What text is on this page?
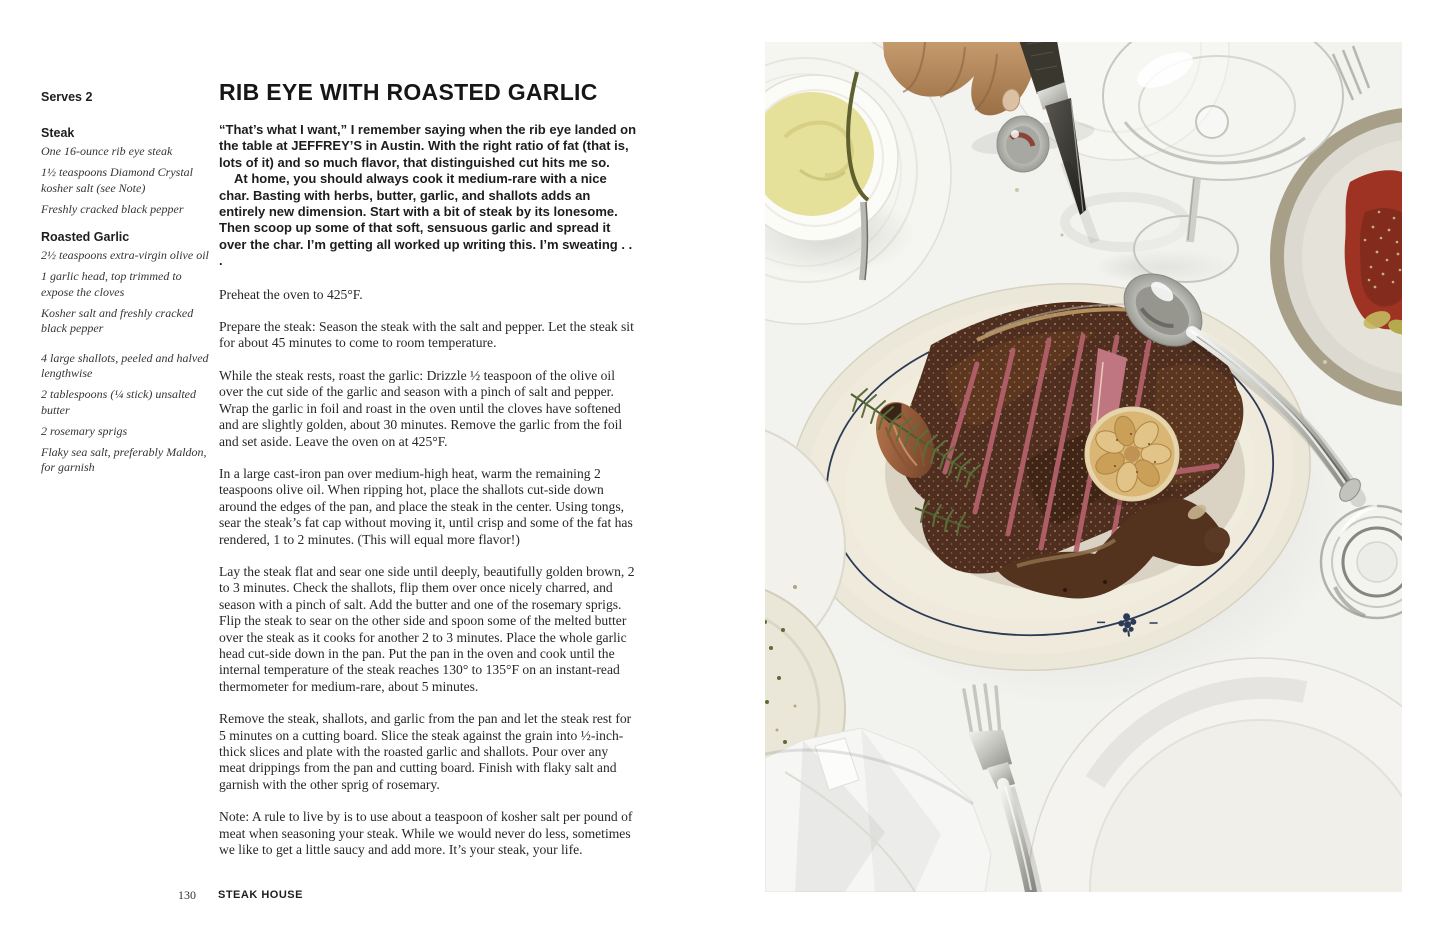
Serves 2

Steak

One 16-ounce rib eye steak

1½ teaspoons Diamond Crystal kosher salt (see Note)

Freshly cracked black pepper

Roasted Garlic

2½ teaspoons extra-virgin olive oil

1 garlic head, top trimmed to expose the cloves

Kosher salt and freshly cracked black pepper

4 large shallots, peeled and halved lengthwise

2 tablespoons (¼ stick) unsalted butter

2 rosemary sprigs

Flaky sea salt, preferably Maldon, for garnish

RIB EYE WITH ROASTED GARLIC

“That’s what I want,” I remember saying when the rib eye landed on the table at JEFFREY’S in Austin. With the right ratio of fat (that is, lots of it) and so much flavor, that distinguished cut hits me so.

At home, you should always cook it medium-rare with a nice char. Basting with herbs, butter, garlic, and shallots adds an entirely new dimension. Start with a bit of steak by its lonesome. Then scoop up some of that soft, sensuous garlic and spread it over the char. I’m getting all worked up writing this. I’m sweating . . .

Preheat the oven to 425°F.

Prepare the steak: Season the steak with the salt and pepper. Let the steak sit for about 45 minutes to come to room temperature.

While the steak rests, roast the garlic: Drizzle ½ teaspoon of the olive oil over the cut side of the garlic and season with a pinch of salt and pepper. Wrap the garlic in foil and roast in the oven until the cloves have softened and are slightly golden, about 30 minutes. Remove the garlic from the foil and set aside. Leave the oven on at 425°F.

In a large cast-iron pan over medium-high heat, warm the remaining 2 teaspoons olive oil. When ripping hot, place the shallots cut-side down around the edges of the pan, and place the steak in the center. Using tongs, sear the steak’s fat cap without moving it, until crisp and some of the fat has rendered, 1 to 2 minutes. (This will equal more flavor!)

Lay the steak flat and sear one side until deeply, beautifully golden brown, 2 to 3 minutes. Check the shallots, flip them over once nicely charred, and season with a pinch of salt. Add the butter and one of the rosemary sprigs. Flip the steak to sear on the other side and spoon some of the melted butter over the steak as it cooks for another 2 to 3 minutes. Place the whole garlic head cut-side down in the pan. Put the pan in the oven and cook until the internal temperature of the steak reaches 130° to 135°F on an instant-read thermometer for medium-rare, about 5 minutes.

Remove the steak, shallots, and garlic from the pan and let the steak rest for 5 minutes on a cutting board. Slice the steak against the grain into ½-inch-thick slices and plate with the roasted garlic and shallots. Pour over any meat drippings from the pan and cutting board. Finish with flaky salt and garnish with the other sprig of rosemary.

Note: A rule to live by is to use about a teaspoon of kosher salt per pound of meat when seasoning your steak. While we would never do less, sometimes we like to get a little saucy and add more. It’s your steak, your life.

130 STEAK HOUSE
